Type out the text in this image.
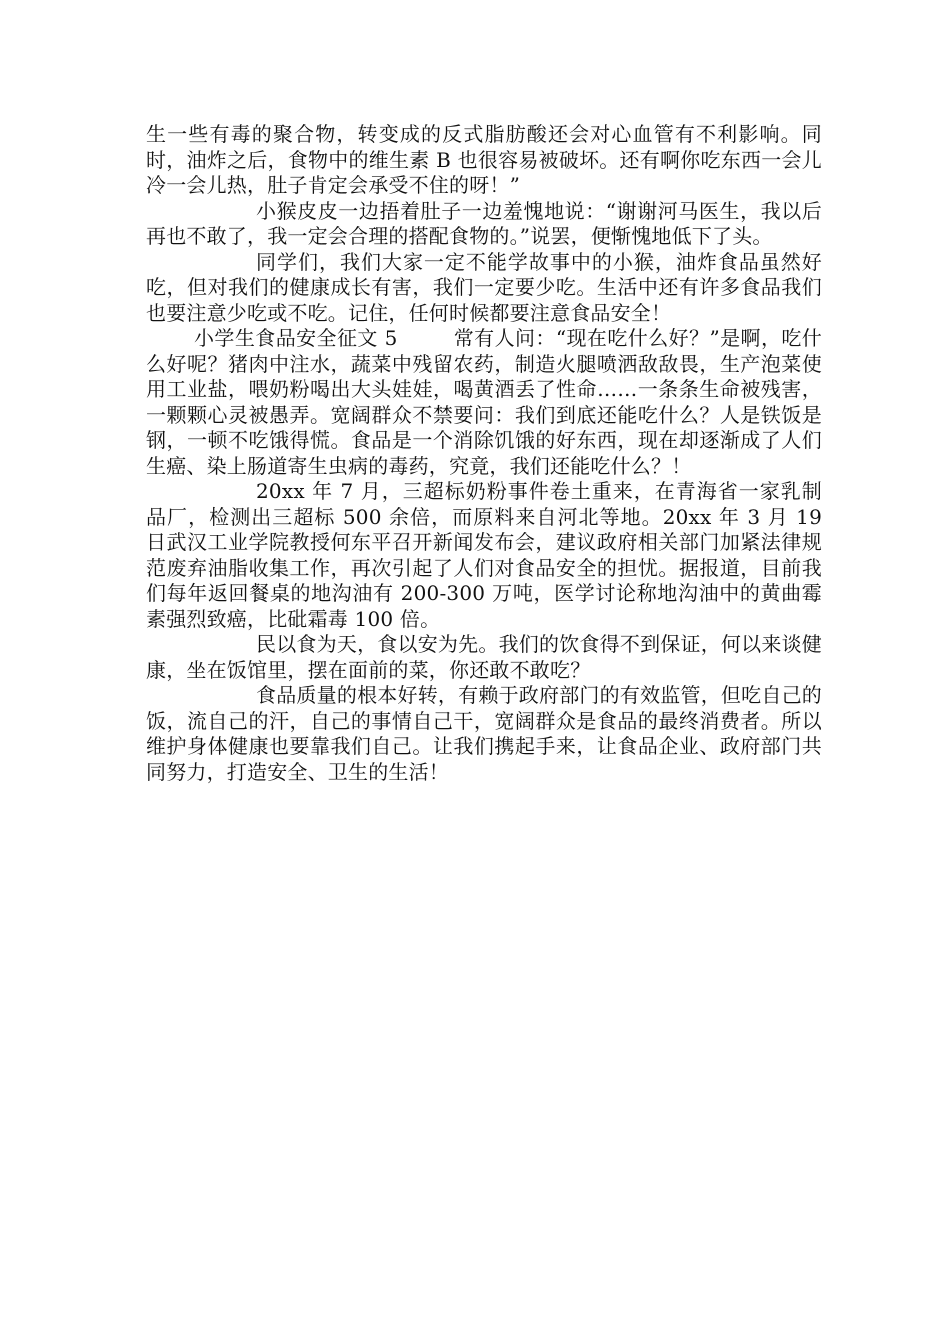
生一些有毒的聚合物，转变成的反式脂肪酸还会对心血管有不利影响。同时，油炸之后，食物中的维生素 B 也很容易被破坏。还有啊你吃东西一会儿冷一会儿热，肚子肯定会承受不住的呀！”

小猴皮皮一边捂着肚子一边羞愧地说：“谢谢河马医生，我以后再也不敢了，我一定会合理的搭配食物的。”说罢，便惭愧地低下了头。

同学们，我们大家一定不能学故事中的小猴，油炸食品虽然好吃，但对我们的健康成长有害，我们一定要少吃。生活中还有许多食品我们也要注意少吃或不吃。记住，任何时候都要注意食品安全！

小学生食品安全征文 5	常有人问：“现在吃什么好？”是啊，吃什么好呢？猪肉中注水，蔬菜中残留农药，制造火腿喷洒敌敌畏，生产泡菜使用工业盐，喂奶粉喝出大头娃娃，喝黄酒丢了性命……一条条生命被残害，一颗颗心灵被愚弄。宽阔群众不禁要问：我们到底还能吃什么？人是铁饭是钢，一顿不吃饿得慌。食品是一个消除饥饿的好东西，现在却逐渐成了人们生癌、染上肠道寄生虫病的毒药，究竟，我们还能吃什么？！

20xx 年 7 月，三超标奶粉事件卷土重来，在青海省一家乳制品厂，检测出三超标 500 余倍，而原料来自河北等地。20xx 年 3 月 19 日武汉工业学院教授何东平召开新闻发布会，建议政府相关部门加紧法律规范废弃油脂收集工作，再次引起了人们对食品安全的担忧。据报道，目前我们每年返回餐桌的地沟油有 200-300 万吨，医学讨论称地沟油中的黄曲霉素强烈致癌，比砒霜毒 100 倍。

民以食为天，食以安为先。我们的饮食得不到保证，何以来谈健康，坐在饭馆里，摆在面前的菜，你还敢不敢吃？

食品质量的根本好转，有赖于政府部门的有效监管，但吃自己的饭，流自己的汗，自己的事情自己干，宽阔群众是食品的最终消费者。所以维护身体健康也要靠我们自己。让我们携起手来，让食品企业、政府部门共同努力，打造安全、卫生的生活！
